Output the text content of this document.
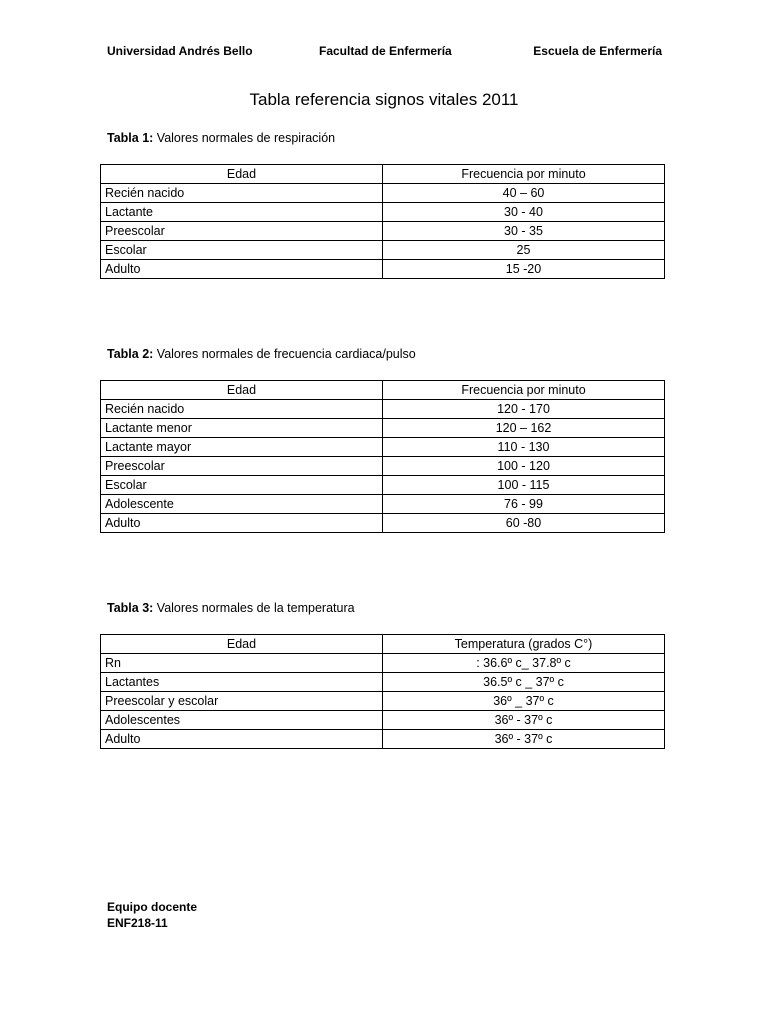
Universidad Andrés Bello	Facultad de Enfermería	Escuela de Enfermería
Tabla referencia signos vitales 2011
Tabla 1: Valores normales de respiración
Edad	Frecuencia por minuto
Recién nacido	40 – 60
Lactante	30 - 40
Preescolar	30 - 35
Escolar	25
Adulto	15 -20
Tabla 2: Valores normales de frecuencia cardiaca/pulso
Edad	Frecuencia por minuto
Recién nacido	120 - 170
Lactante menor	120 – 162
Lactante mayor	110 - 130
Preescolar	100 - 120
Escolar	100 - 115
Adolescente	76 - 99
Adulto	60 -80
Tabla 3: Valores normales de la temperatura
Edad	Temperatura (grados C°)
Rn	: 36.6º c_ 37.8º c
Lactantes	36.5º c _ 37º c
Preescolar y escolar	36º _ 37º c
Adolescentes	36º - 37º c
Adulto	36º - 37º c
Equipo docente
ENF218-11
